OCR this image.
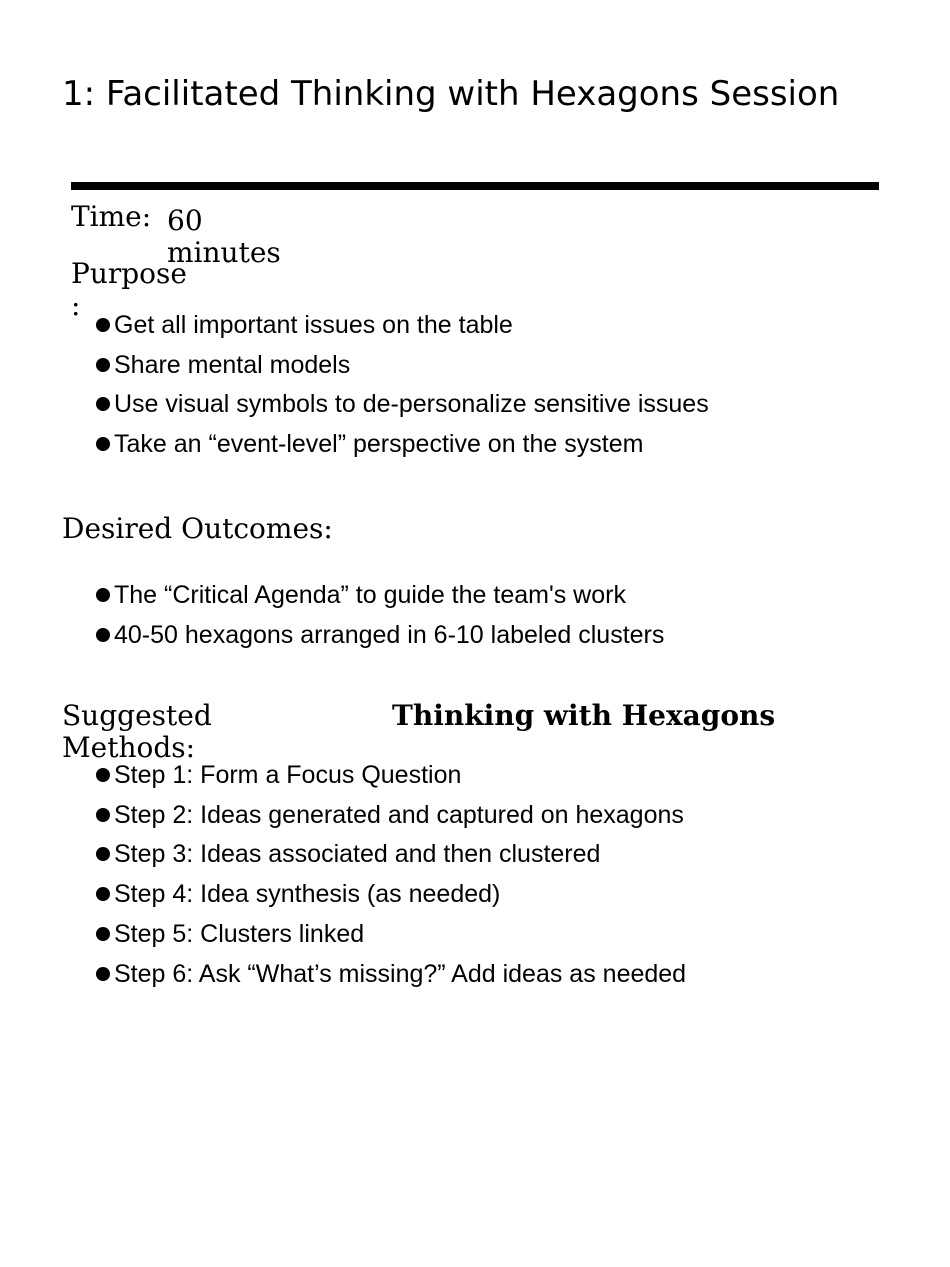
1: Facilitated Thinking with Hexagons Session
Time: 60
minutes
Purpose
:
Get all important issues on the table
Share mental models
Use visual symbols to de-personalize sensitive issues
Take an “event-level” perspective on the system
Desired Outcomes:
The “Critical Agenda” to guide the team's work
40-50 hexagons arranged in 6-10 labeled clusters
Suggested
Methods:
Thinking with Hexagons
Step 1: Form a Focus Question
Step 2: Ideas generated and captured on hexagons
Step 3: Ideas associated and then clustered
Step 4: Idea synthesis (as needed)
Step 5: Clusters linked
Step 6: Ask “What’s missing?” Add ideas as needed
